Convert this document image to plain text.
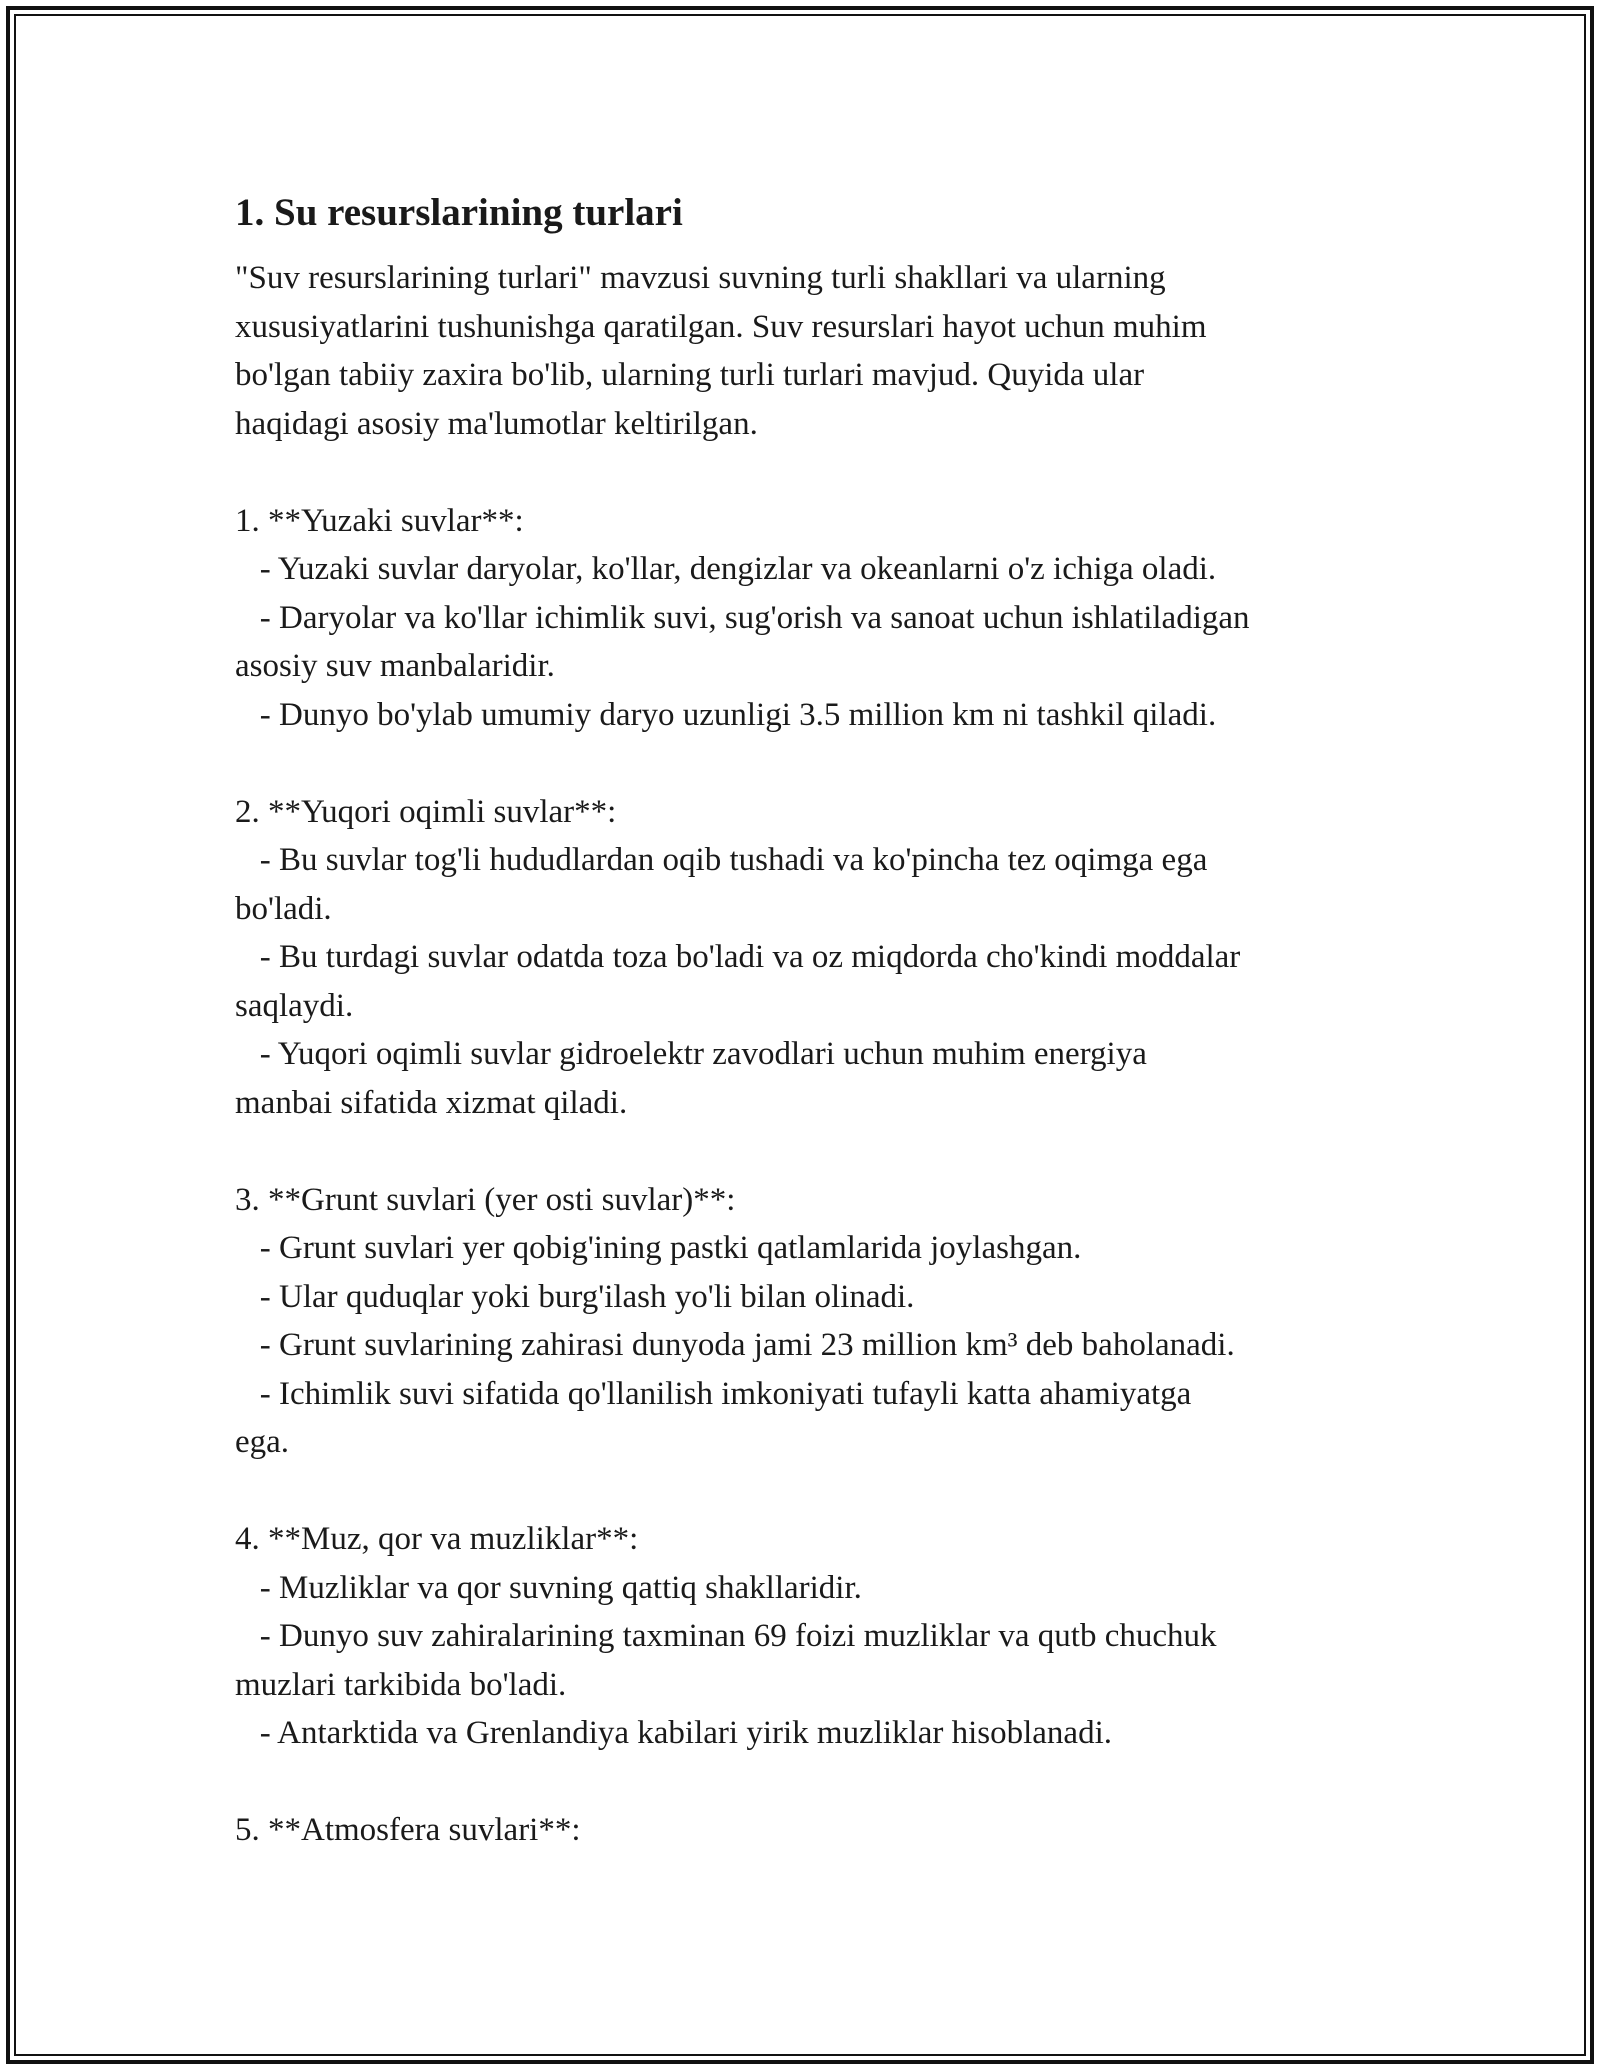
1. Su resurslarining turlari

"Suv resurslarining turlari" mavzusi suvning turli shakllari va ularning
xususiyatlarini tushunishga qaratilgan. Suv resurslari hayot uchun muhim
bo'lgan tabiiy zaxira bo'lib, ularning turli turlari mavjud. Quyida ular
haqidagi asosiy ma'lumotlar keltirilgan.

1. **Yuzaki suvlar**:
- Yuzaki suvlar daryolar, ko'llar, dengizlar va okeanlarni o'z ichiga oladi.
- Daryolar va ko'llar ichimlik suvi, sug'orish va sanoat uchun ishlatiladigan
asosiy suv manbalaridir.
- Dunyo bo'ylab umumiy daryo uzunligi 3.5 million km ni tashkil qiladi.

2. **Yuqori oqimli suvlar**:
- Bu suvlar tog'li hududlardan oqib tushadi va ko'pincha tez oqimga ega
bo'ladi.
- Bu turdagi suvlar odatda toza bo'ladi va oz miqdorda cho'kindi moddalar
saqlaydi.
- Yuqori oqimli suvlar gidroelektr zavodlari uchun muhim energiya
manbai sifatida xizmat qiladi.

3. **Grunt suvlari (yer osti suvlar)**:
- Grunt suvlari yer qobig'ining pastki qatlamlarida joylashgan.
- Ular quduqlar yoki burg'ilash yo'li bilan olinadi.
- Grunt suvlarining zahirasi dunyoda jami 23 million km³ deb baholanadi.
- Ichimlik suvi sifatida qo'llanilish imkoniyati tufayli katta ahamiyatga
ega.

4. **Muz, qor va muzliklar**:
- Muzliklar va qor suvning qattiq shakllaridir.
- Dunyo suv zahiralarining taxminan 69 foizi muzliklar va qutb chuchuk
muzlari tarkibida bo'ladi.
- Antarktida va Grenlandiya kabilari yirik muzliklar hisoblanadi.

5. **Atmosfera suvlari**:
